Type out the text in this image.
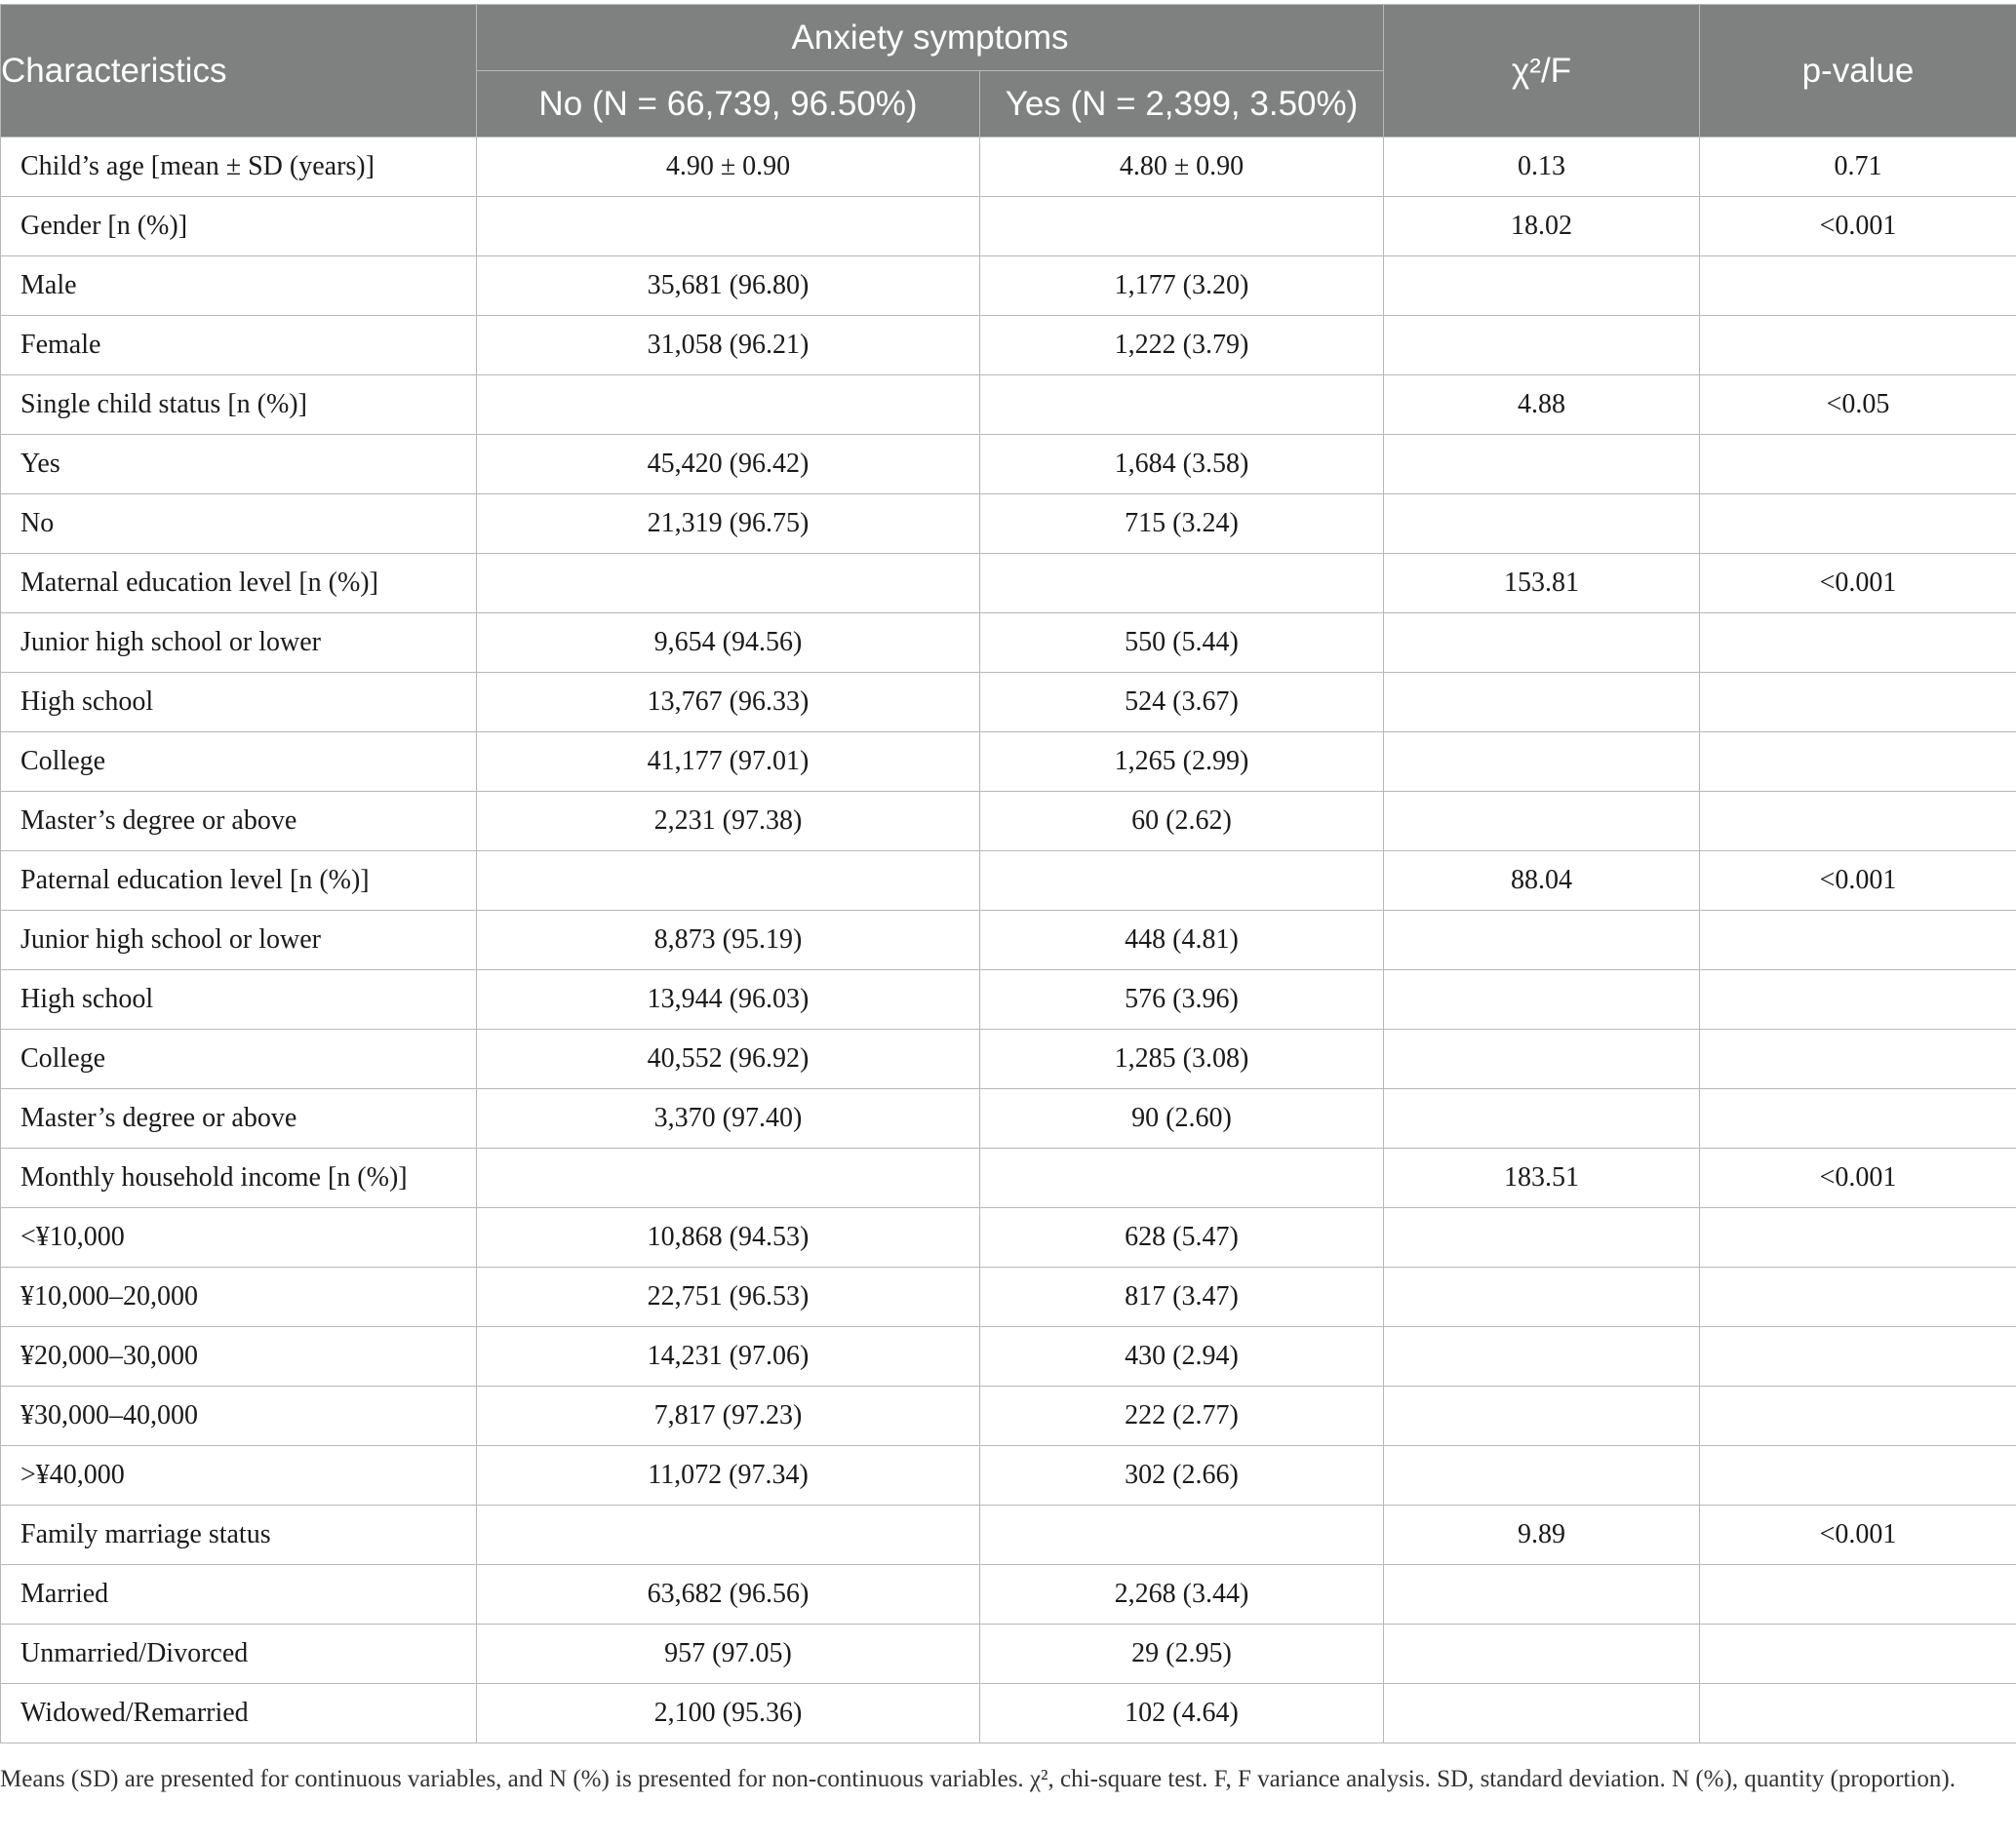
Characteristics	Anxiety symptoms		χ²/F	p-value
	No (N = 66,739, 96.50%)	Yes (N = 2,399, 3.50%)		
Child’s age [mean ± SD (years)]	4.90 ± 0.90	4.80 ± 0.90	0.13	0.71
Gender [n (%)]			18.02	<0.001
Male	35,681 (96.80)	1,177 (3.20)		
Female	31,058 (96.21)	1,222 (3.79)		
Single child status [n (%)]			4.88	<0.05
Yes	45,420 (96.42)	1,684 (3.58)		
No	21,319 (96.75)	715 (3.24)		
Maternal education level [n (%)]			153.81	<0.001
Junior high school or lower	9,654 (94.56)	550 (5.44)		
High school	13,767 (96.33)	524 (3.67)		
College	41,177 (97.01)	1,265 (2.99)		
Master’s degree or above	2,231 (97.38)	60 (2.62)		
Paternal education level [n (%)]			88.04	<0.001
Junior high school or lower	8,873 (95.19)	448 (4.81)		
High school	13,944 (96.03)	576 (3.96)		
College	40,552 (96.92)	1,285 (3.08)		
Master’s degree or above	3,370 (97.40)	90 (2.60)		
Monthly household income [n (%)]			183.51	<0.001
<¥10,000	10,868 (94.53)	628 (5.47)		
¥10,000–20,000	22,751 (96.53)	817 (3.47)		
¥20,000–30,000	14,231 (97.06)	430 (2.94)		
¥30,000–40,000	7,817 (97.23)	222 (2.77)		
>¥40,000	11,072 (97.34)	302 (2.66)		
Family marriage status			9.89	<0.001
Married	63,682 (96.56)	2,268 (3.44)		
Unmarried/Divorced	957 (97.05)	29 (2.95)		
Widowed/Remarried	2,100 (95.36)	102 (4.64)		
Means (SD) are presented for continuous variables, and N (%) is presented for non-continuous variables. χ², chi-square test. F, F variance analysis. SD, standard deviation. N (%), quantity (proportion).
